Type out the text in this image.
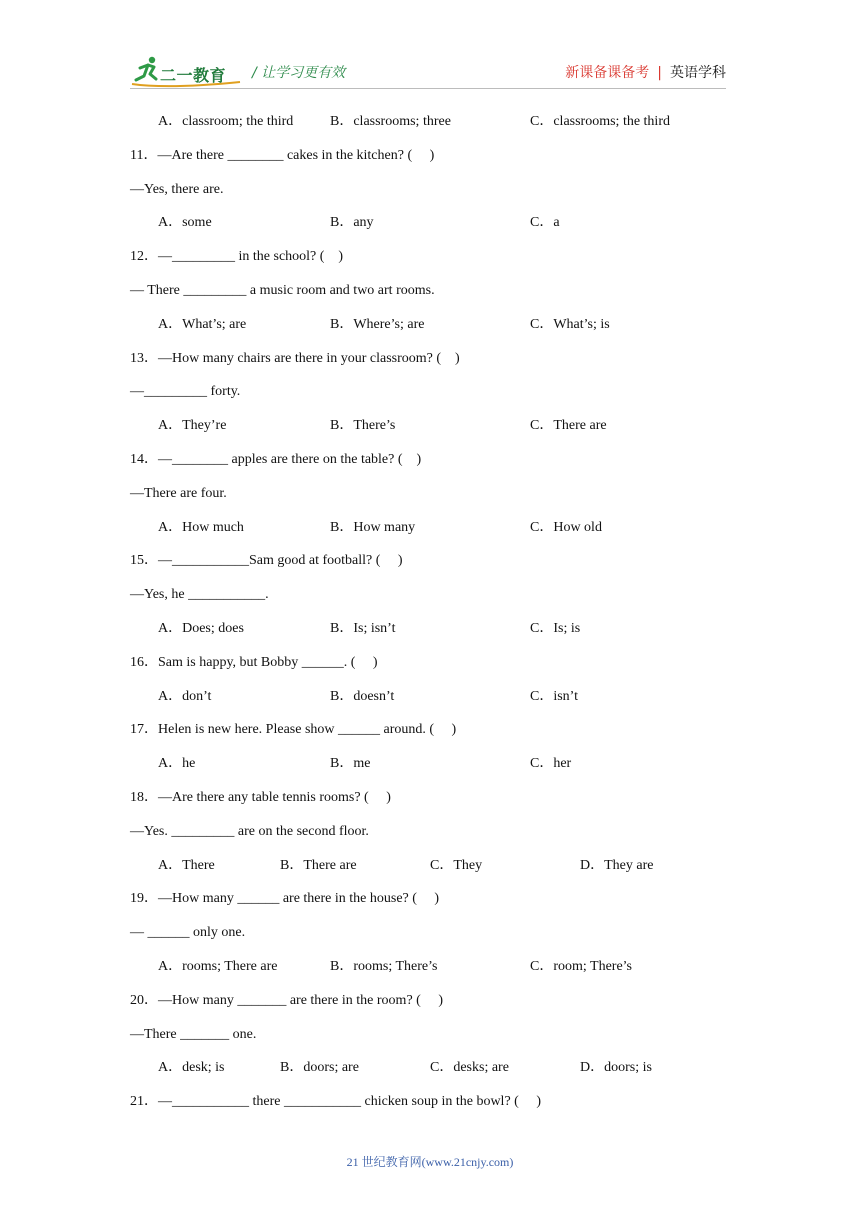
二一教育 / 让学习更有效	新课备课备考 | 英语学科
A．classroom; the third	B．classrooms; three	C．classrooms; the third
11．—Are there ________ cakes in the kitchen? (     )
—Yes, there are.
A．some	B．any	C．a
12．—_________ in the school? (    )
— There _________ a music room and two art rooms.
A．What’s; are	B．Where’s; are	C．What’s; is
13．—How many chairs are there in your classroom? (    )
—_________ forty.
A．They’re	B．There’s	C．There are
14．—________ apples are there on the table? (    )
—There are four.
A．How much	B．How many	C．How old
15．—___________Sam good at football? (     )
—Yes, he ___________.
A．Does; does	B．Is; isn’t	C．Is; is
16．Sam is happy, but Bobby ______. (     )
A．don’t	B．doesn’t	C．isn’t
17．Helen is new here. Please show ______ around. (     )
A．he	B．me	C．her
18．—Are there any table tennis rooms? (     )
—Yes. _________ are on the second floor.
A．There	B．There are	C．They	D．They are
19．—How many ______ are there in the house? (     )
— ______ only one.
A．rooms; There are	B．rooms; There’s	C．room; There’s
20．—How many _______ are there in the room? (     )
—There _______ one.
A．desk; is	B．doors; are	C．desks; are	D．doors; is
21．—___________ there ___________ chicken soup in the bowl? (     )
21 世纪教育网(www.21cnjy.com)
